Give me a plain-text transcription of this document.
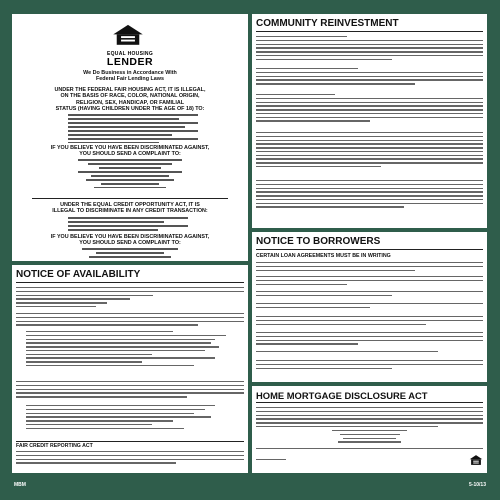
EQUAL HOUSING
LENDER
We Do Business in Accordance With
Federal Fair Lending Laws
UNDER THE FEDERAL FAIR HOUSING ACT, IT IS ILLEGAL,
ON THE BASIS OF RACE, COLOR, NATIONAL ORIGIN,
RELIGION, SEX, HANDICAP, OR FAMILIAL
STATUS (HAVING CHILDREN UNDER THE AGE OF 18) TO:
IF YOU BELIEVE YOU HAVE BEEN DISCRIMINATED AGAINST,
YOU SHOULD SEND A COMPLAINT TO:
UNDER THE EQUAL CREDIT OPPORTUNITY ACT, IT IS
ILLEGAL TO DISCRIMINATE IN ANY CREDIT TRANSACTION:
IF YOU BELIEVE YOU HAVE BEEN DISCRIMINATED AGAINST,
YOU SHOULD SEND A COMPLAINT TO:
NOTICE OF AVAILABILITY
FAIR CREDIT REPORTING ACT
COMMUNITY REINVESTMENT
NOTICE TO BORROWERS
CERTAIN LOAN AGREEMENTS MUST BE IN WRITING
HOME MORTGAGE DISCLOSURE ACT
MBM	5-10/13
